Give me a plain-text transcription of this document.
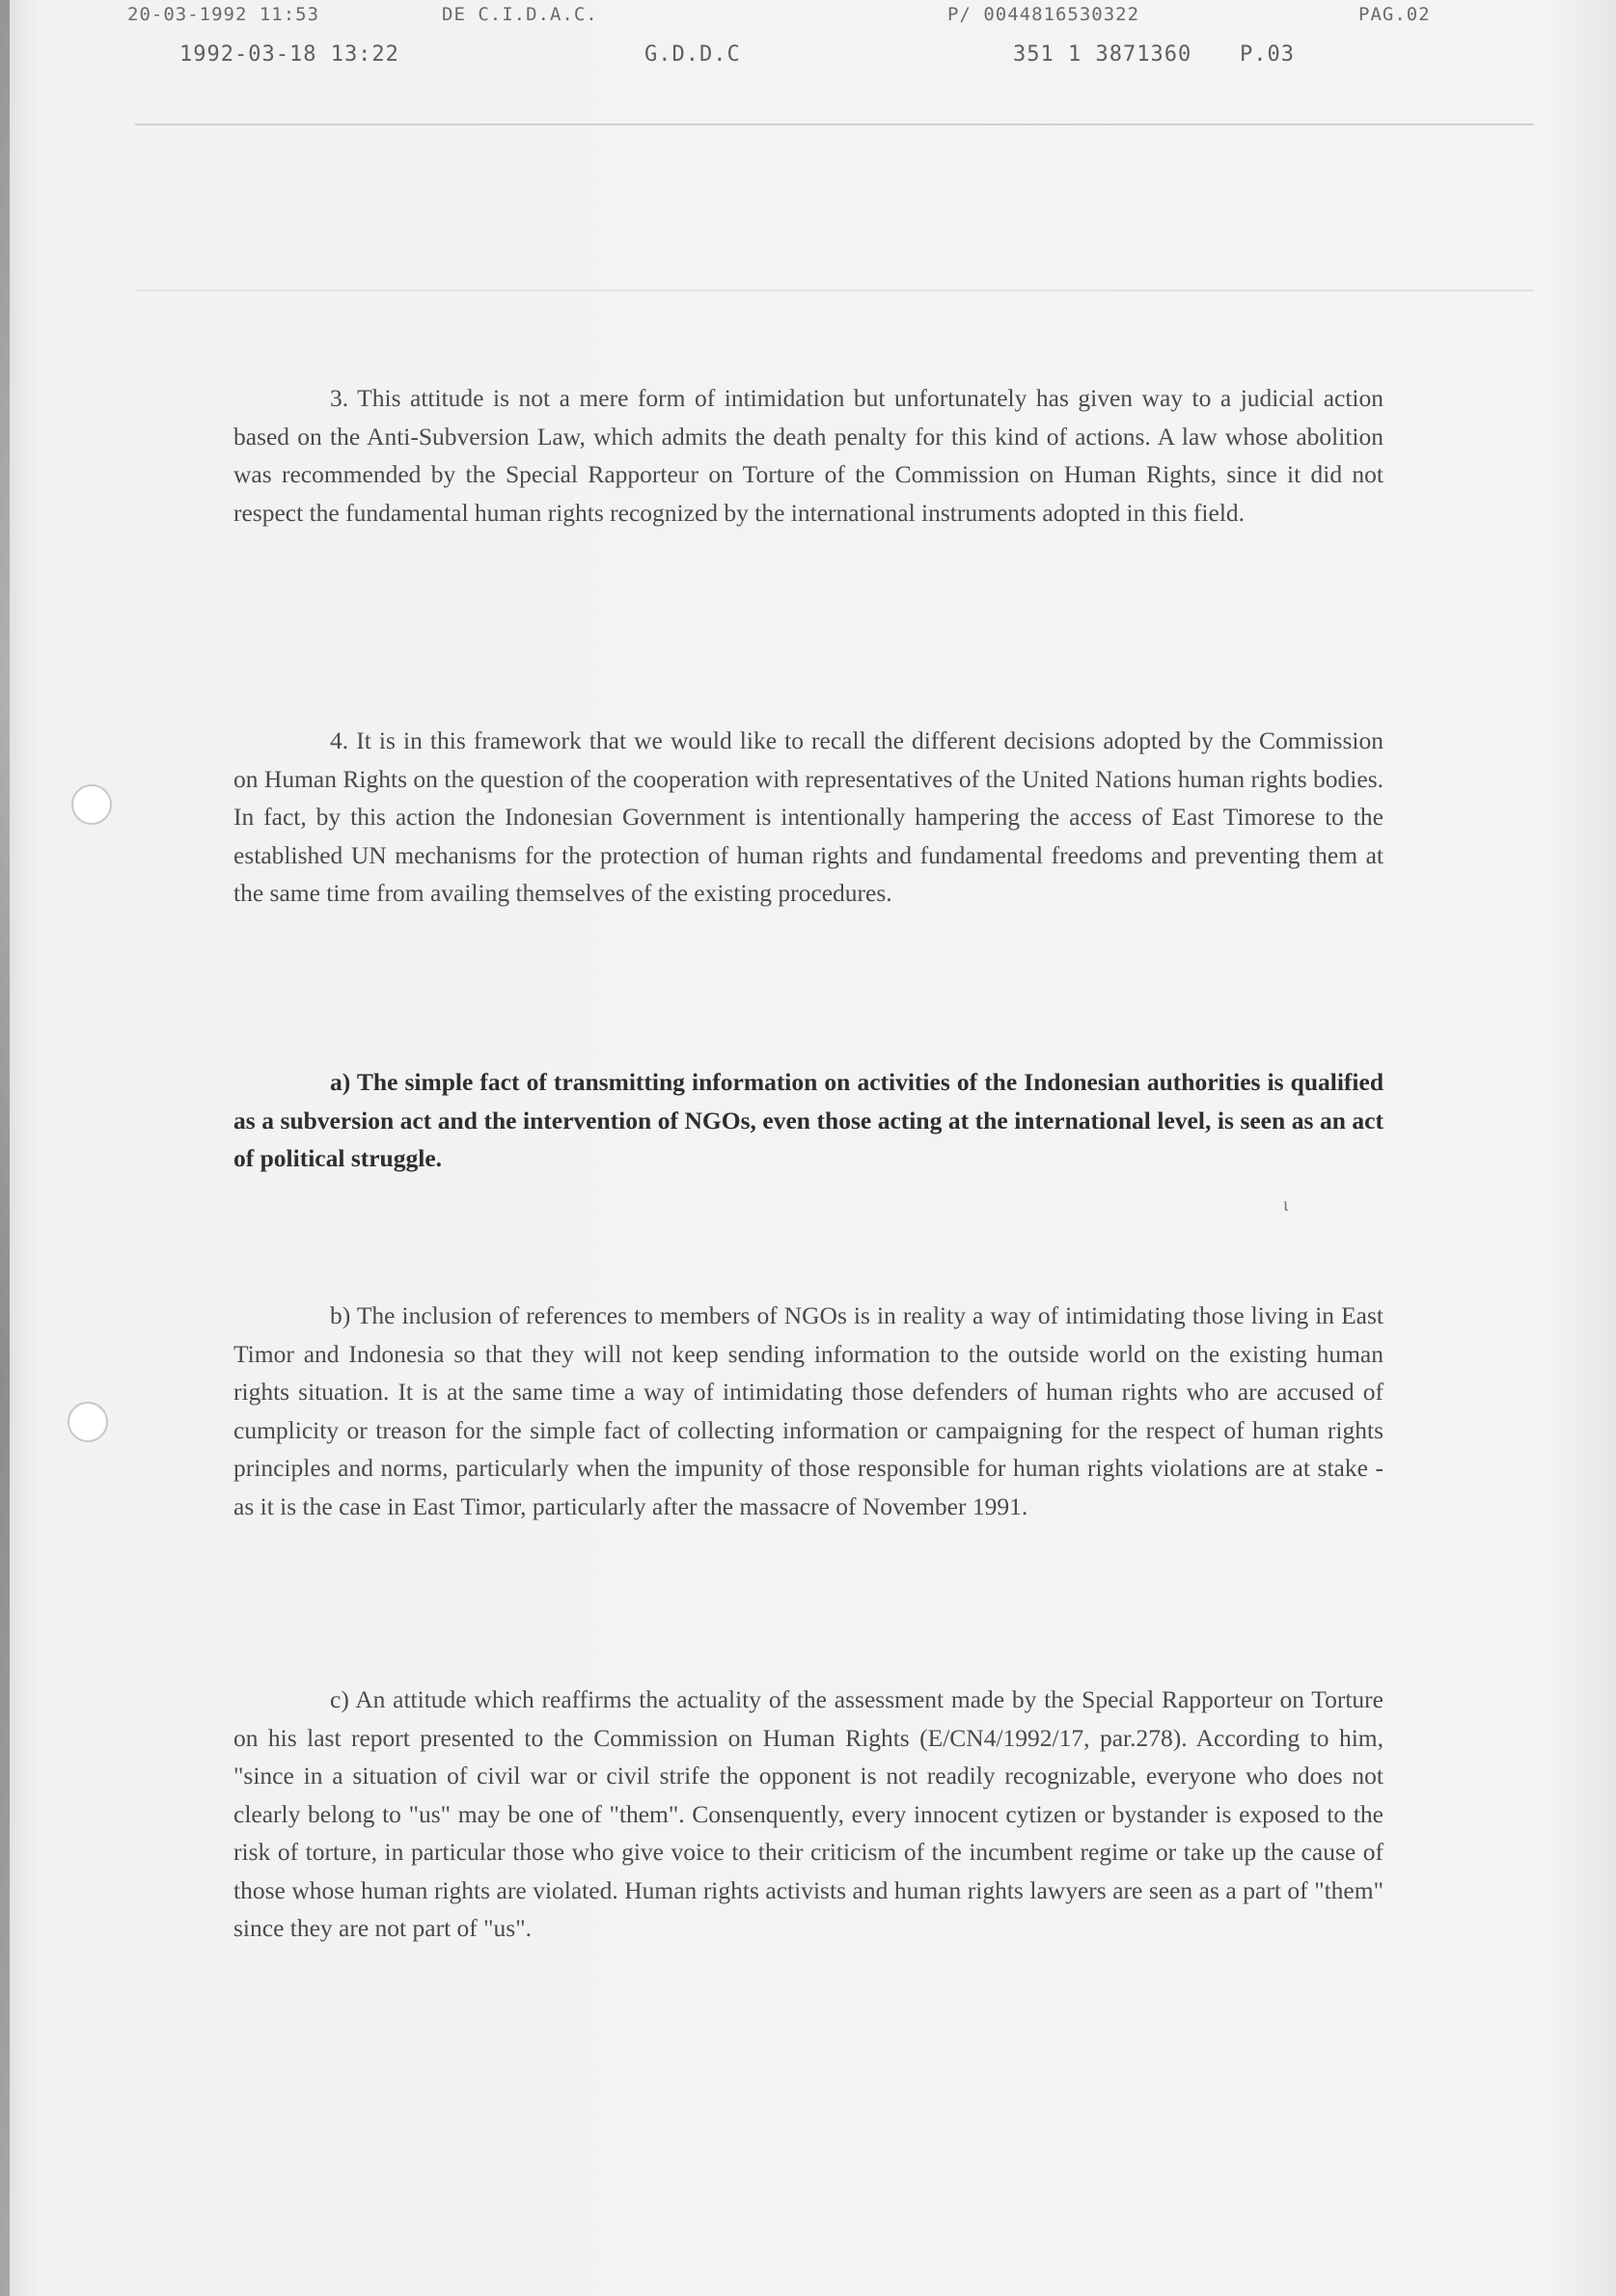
20-03-1992 11:53	DE C.I.D.A.C.	P/ 0044816530322	PAG.02
1992-03-18 13:22	G.D.D.C	351 1 3871360 P.03

3. This attitude is not a mere form of intimidation but unfortunately has given way to a judicial action based on the Anti-Subversion Law, which admits the death penalty for this kind of actions. A law whose abolition was recommended by the Special Rapporteur on Torture of the Commission on Human Rights, since it did not respect the fundamental human rights recognized by the international instruments adopted in this field.

4. It is in this framework that we would like to recall the different decisions adopted by the Commission on Human Rights on the question of the cooperation with representatives of the United Nations human rights bodies. In fact, by this action the Indonesian Government is intentionally hampering the access of East Timorese to the established UN mechanisms for the protection of human rights and fundamental freedoms and preventing them at the same time from availing themselves of the existing procedures.

a) The simple fact of transmitting information on activities of the Indonesian authorities is qualified as a subversion act and the intervention of NGOs, even those acting at the international level, is seen as an act of political struggle.

ι

b) The inclusion of references to members of NGOs is in reality a way of intimidating those living in East Timor and Indonesia so that they will not keep sending information to the outside world on the existing human rights situation. It is at the same time a way of intimidating those defenders of human rights who are accused of cumplicity or treason for the simple fact of collecting information or campaigning for the respect of human rights principles and norms, particularly when the impunity of those responsible for human rights violations are at stake - as it is the case in East Timor, particularly after the massacre of November 1991.

c) An attitude which reaffirms the actuality of the assessment made by the Special Rapporteur on Torture on his last report presented to the Commission on Human Rights (E/CN4/1992/17, par.278). According to him, "since in a situation of civil war or civil strife the opponent is not readily recognizable, everyone who does not clearly belong to "us" may be one of "them". Consenquently, every innocent cytizen or bystander is exposed to the risk of torture, in particular those who give voice to their criticism of the incumbent regime or take up the cause of those whose human rights are violated. Human rights activists and human rights lawyers are seen as a part of "them" since they are not part of "us".
